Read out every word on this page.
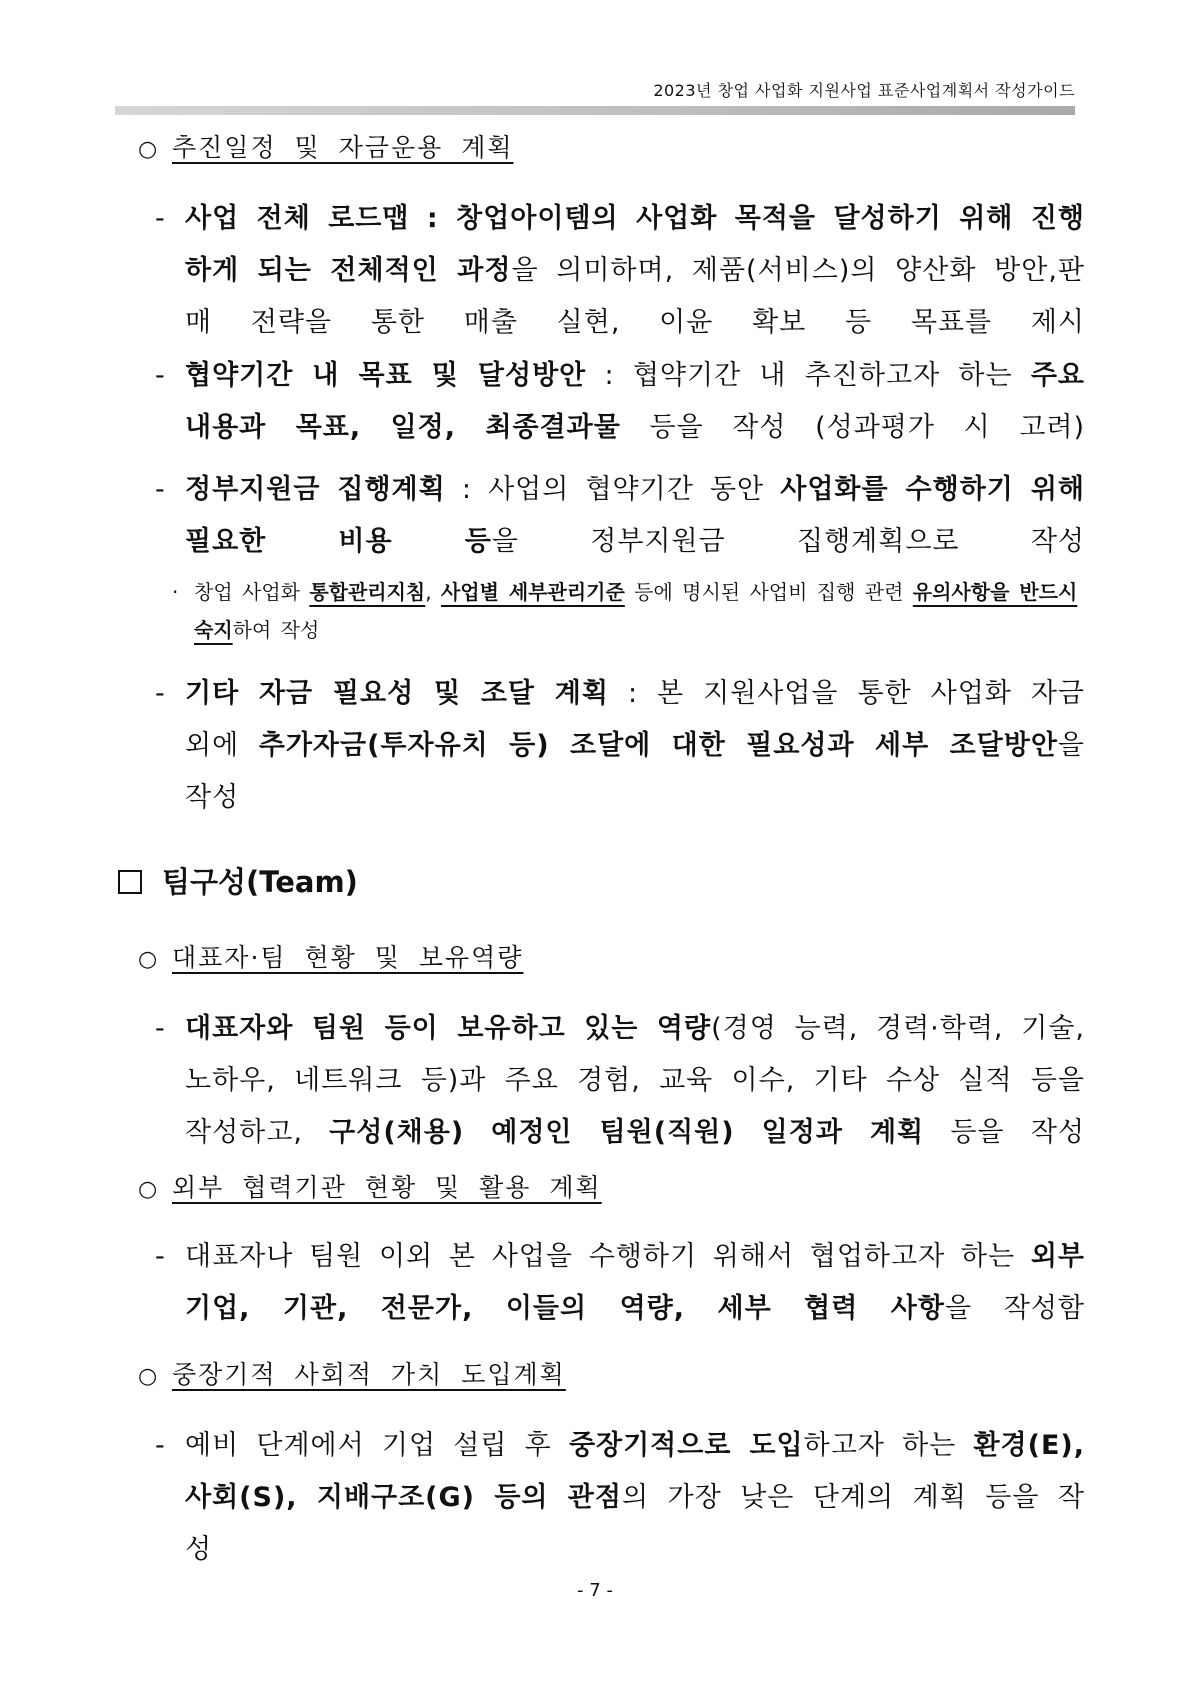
2023년 창업 사업화 지원사업 표준사업계획서 작성가이드
○ 추진일정 및 자금운용 계획
- 사업 전체 로드맵 : 창업아이템의 사업화 목적을 달성하기 위해 진행하게 되는 전체적인 과정을 의미하며, 제품(서비스)의 양산화 방안,판매 전략을 통한 매출 실현, 이윤 확보 등 목표를 제시
- 협약기간 내 목표 및 달성방안 : 협약기간 내 추진하고자 하는 주요 내용과 목표, 일정, 최종결과물 등을 작성 (성과평가 시 고려)
- 정부지원금 집행계획 : 사업의 협약기간 동안 사업화를 수행하기 위해 필요한 비용 등을 정부지원금 집행계획으로 작성
· 창업 사업화 통합관리지침, 사업별 세부관리기준 등에 명시된 사업비 집행 관련 유의사항을 반드시 숙지하여 작성
- 기타 자금 필요성 및 조달 계획 : 본 지원사업을 통한 사업화 자금 외에 추가자금(투자유치 등) 조달에 대한 필요성과 세부 조달방안을 작성
팀구성(Team)
○ 대표자·팀 현황 및 보유역량
- 대표자와 팀원 등이 보유하고 있는 역량(경영 능력, 경력·학력, 기술, 노하우, 네트워크 등)과 주요 경험, 교육 이수, 기타 수상 실적 등을 작성하고, 구성(채용) 예정인 팀원(직원) 일정과 계획 등을 작성
○ 외부 협력기관 현황 및 활용 계획
- 대표자나 팀원 이외 본 사업을 수행하기 위해서 협업하고자 하는 외부 기업, 기관, 전문가, 이들의 역량, 세부 협력 사항을 작성함
○ 중장기적 사회적 가치 도입계획
- 예비 단계에서 기업 설립 후 중장기적으로 도입하고자 하는 환경(E), 사회(S), 지배구조(G) 등의 관점의 가장 낮은 단계의 계획 등을 작성
- 7 -
